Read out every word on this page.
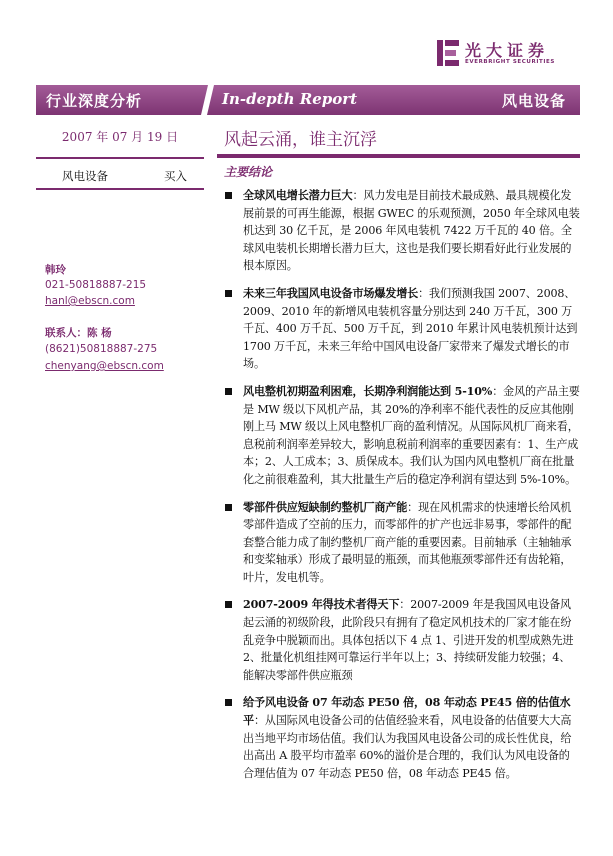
光大证券
EVERBRIGHT SECURITIES
行业深度分析	In-depth Report	风电设备
2007 年 07 月 19 日
风电设备	买入
韩玲
021-50818887-215
hanl@ebscn.com
联系人：陈 杨
(8621)50818887-275
chenyang@ebscn.com
风起云涌，谁主沉浮
主要结论
全球风电增长潜力巨大：风力发电是目前技术最成熟、最具规模化发展前景的可再生能源，根据 GWEC 的乐观预测，2050 年全球风电装机达到 30 亿千瓦，是 2006 年风电装机 7422 万千瓦的 40 倍。全球风电装机长期增长潜力巨大，这也是我们要长期看好此行业发展的根本原因。
未来三年我国风电设备市场爆发增长：我们预测我国 2007、2008、2009、2010 年的新增风电装机容量分别达到 240 万千瓦，300 万千瓦、400 万千瓦、500 万千瓦，到 2010 年累计风电装机预计达到 1700 万千瓦，未来三年给中国风电设备厂家带来了爆发式增长的市场。
风电整机初期盈利困难，长期净利润能达到 5-10%：金风的产品主要是 MW 级以下风机产品，其 20%的净利率不能代表性的反应其他刚刚上马 MW 级以上风电整机厂商的盈利情况。从国际风机厂商来看，息税前利润率差异较大，影响息税前利润率的重要因素有：1、生产成本；2、人工成本；3、质保成本。我们认为国内风电整机厂商在批量化之前很难盈利，其大批量生产后的稳定净利润有望达到 5%-10%。
零部件供应短缺制约整机厂商产能：现在风机需求的快速增长给风机零部件造成了空前的压力，而零部件的扩产也远非易事，零部件的配套整合能力成了制约整机厂商产能的重要因素。目前轴承（主轴轴承和变桨轴承）形成了最明显的瓶颈，而其他瓶颈零部件还有齿轮箱，叶片，发电机等。
2007-2009 年得技术者得天下：2007-2009 年是我国风电设备风起云涌的初级阶段，此阶段只有拥有了稳定风机技术的厂家才能在纷乱竞争中脱颖而出。具体包括以下 4 点 1、引进开发的机型成熟先进 2、批量化机组挂网可靠运行半年以上；3、持续研发能力较强；4、能解决零部件供应瓶颈
给予风电设备 07 年动态 PE50 倍，08 年动态 PE45 倍的估值水平：从国际风电设备公司的估值经验来看，风电设备的估值要大大高出当地平均市场估值。我们认为我国风电设备公司的成长性优良，给出高出 A 股平均市盈率 60%的溢价是合理的，我们认为风电设备的合理估值为 07 年动态 PE50 倍，08 年动态 PE45 倍。
